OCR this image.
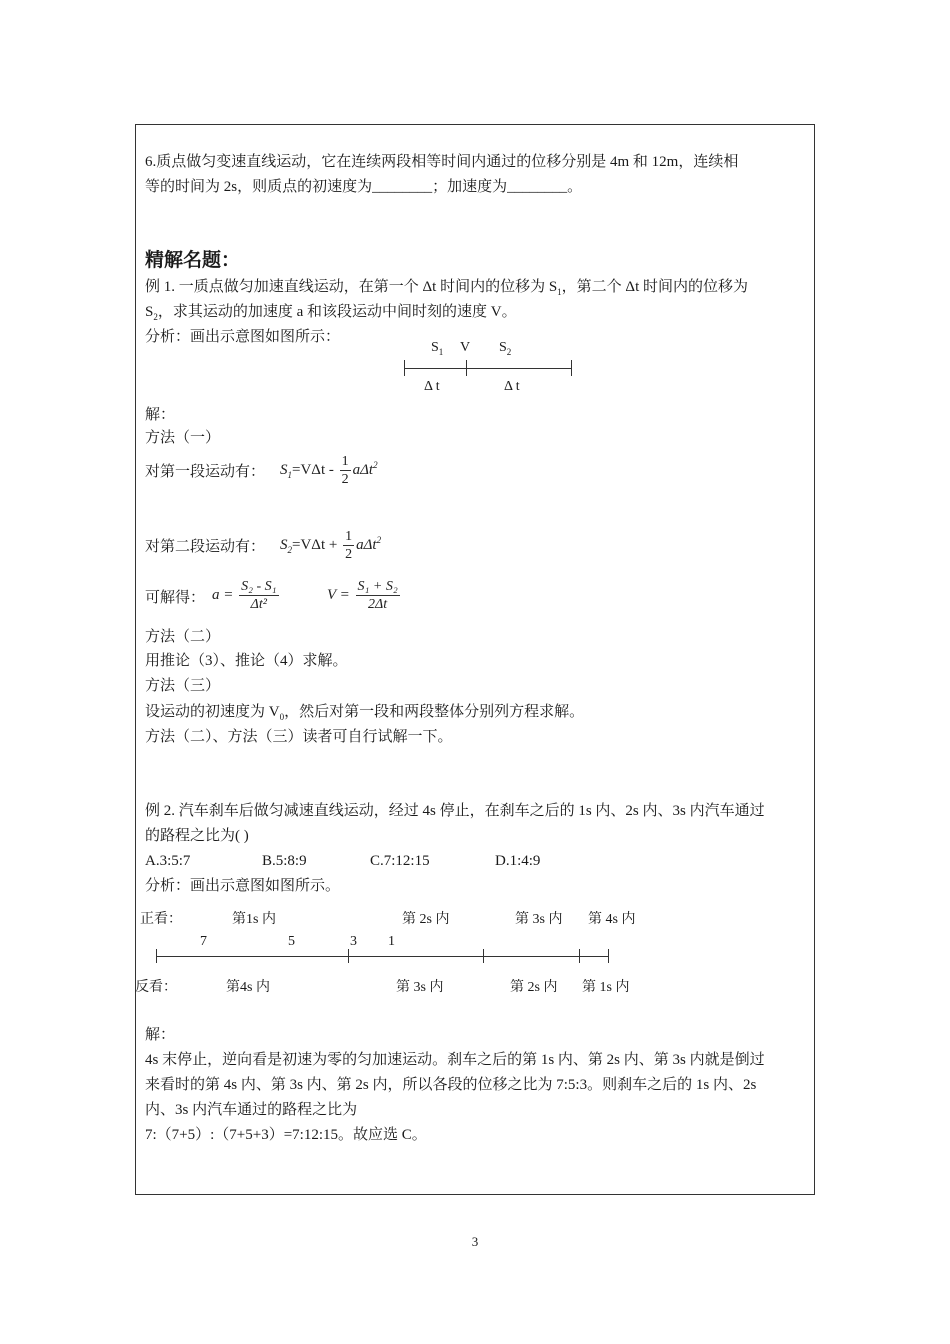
6.质点做匀变速直线运动，它在连续两段相等时间内通过的位移分别是 4m 和 12m，连续相
等的时间为 2s，则质点的初速度为________；加速度为________。
精解名题：
例 1. 一质点做匀加速直线运动，在第一个 Δt 时间内的位移为 $S_1$，第二个 Δt 时间内的位移为
$S_2$，求其运动的加速度 a 和该段运动中间时刻的速度 V。
分析：画出示意图如图所示：
$S_1$ V $S_2$
Δ t	Δ t
解：
方法（一）
对第一段运动有： $S_1=V\Delta t - \frac{1}{2} a\Delta t^2$
对第二段运动有： $S_2=V\Delta t + \frac{1}{2} a\Delta t^2$
可解得： $a = \frac{\text{S₂ - S₁}}{\text{Δt²}}$	$V = \frac{\text{S₁ + S₂}}{2\Delta t}$
方法（二）
用推论（3）、推论（4）求解。
方法（三）
设运动的初速度为 $V_0$，然后对第一段和两段整体分别列方程求解。
方法（二）、方法（三）读者可自行试解一下。
例 2. 汽车刹车后做匀减速直线运动，经过 4s 停止，在刹车之后的 1s 内、2s 内、3s 内汽车通过
的路程之比为( )
A.3:5:7	B.5:8:9	C.7:12:15	D.1:4:9
分析：画出示意图如图所示。
正看：	第1s 内	第 2s 内	第 3s 内 第 4s 内
7	5	3 1
反看：	第4s 内	第 3s 内	第 2s 内 第 1s 内
解：
4s 末停止，逆向看是初速为零的匀加速运动。刹车之后的第 1s 内、第 2s 内、第 3s 内就是倒过
来看时的第 4s 内、第 3s 内、第 2s 内，所以各段的位移之比为 7:5:3。则刹车之后的 1s 内、2s
内、3s 内汽车通过的路程之比为
7:（7+5）:（7+5+3）=7:12:15。故应选 C。
3
